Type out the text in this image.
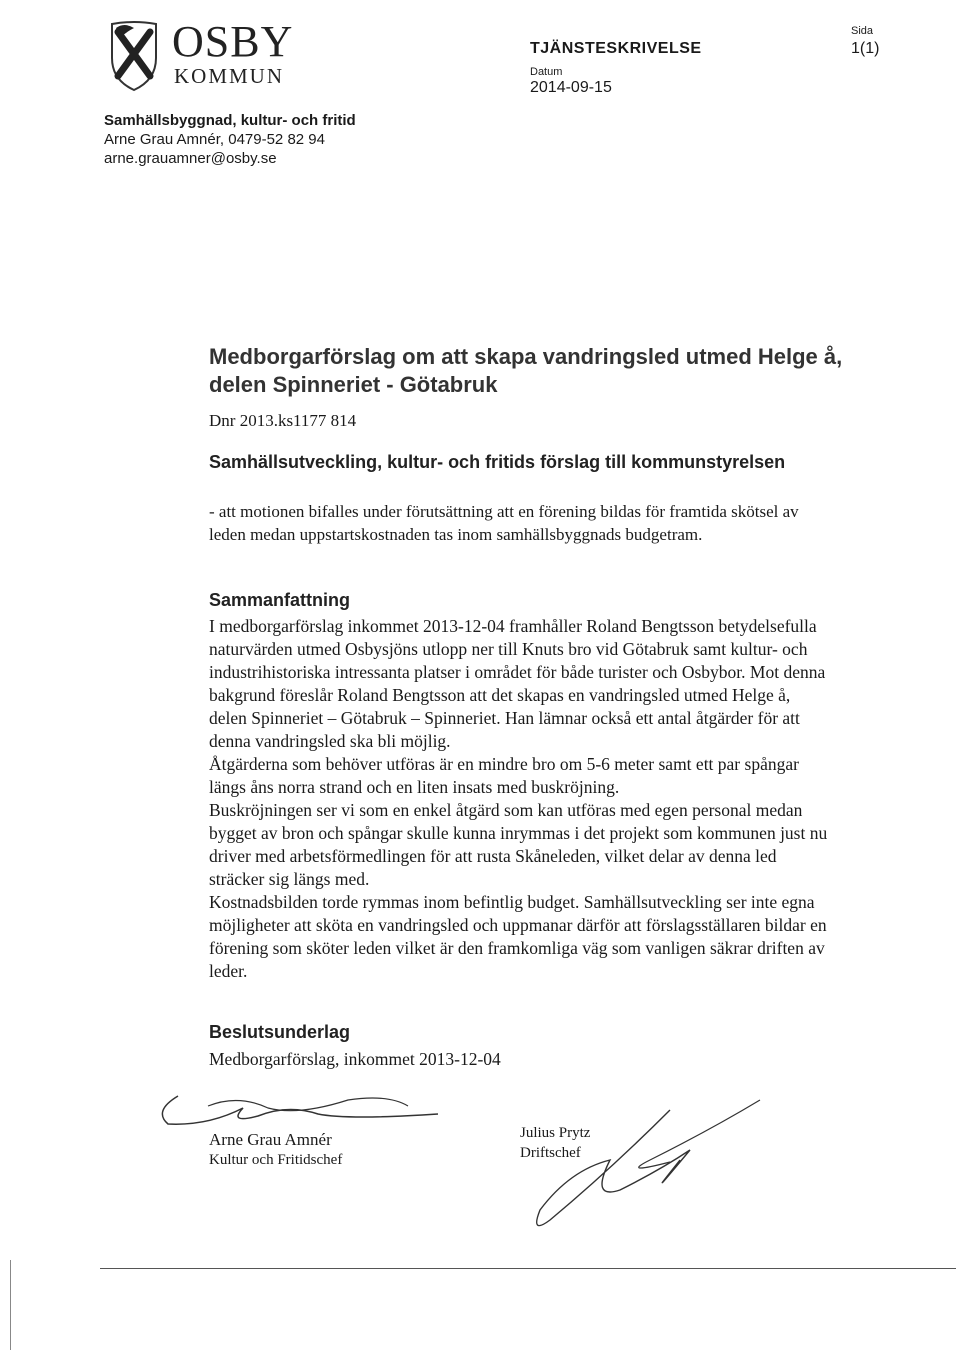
OSBY
KOMMUN
TJÄNSTESKRIVELSE
Datum
2014-09-15
Sida
1(1)
Samhällsbyggnad, kultur- och fritid
Arne Grau Amnér, 0479-52 82 94
arne.grauamner@osby.se
Medborgarförslag om att skapa vandringsled utmed Helge å, delen Spinneriet - Götabruk
Dnr 2013.ks1177 814
Samhällsutveckling, kultur- och fritids förslag till kommunstyrelsen
- att motionen bifalles under förutsättning att en förening bildas för framtida skötsel av leden medan uppstartskostnaden tas inom samhällsbyggnads budgetram.
Sammanfattning

I medborgarförslag inkommet 2013-12-04 framhåller Roland Bengtsson betydelsefulla naturvärden utmed Osbysjöns utlopp ner till Knuts bro vid Götabruk samt kultur- och industrihistoriska intressanta platser i området för både turister och Osbybor. Mot denna bakgrund föreslår Roland Bengtsson att det skapas en vandringsled utmed Helge å, delen Spinneriet – Götabruk – Spinneriet. Han lämnar också ett antal åtgärder för att denna vandringsled ska bli möjlig.

Åtgärderna som behöver utföras är en mindre bro om 5-6 meter samt ett par spångar längs åns norra strand och en liten insats med buskröjning.

Buskröjningen ser vi som en enkel åtgärd som kan utföras med egen personal medan bygget av bron och spångar skulle kunna inrymmas i det projekt som kommunen just nu driver med arbetsförmedlingen för att rusta Skåneleden, vilket delar av denna led sträcker sig längs med.

Kostnadsbilden torde rymmas inom befintlig budget. Samhällsutveckling ser inte egna möjligheter att sköta en vandringsled och uppmanar därför att förslagsställaren bildar en förening som sköter leden vilket är den framkomliga väg som vanligen säkrar driften av leder.

Beslutsunderlag
Medborgarförslag, inkommet 2013-12-04
Arne Grau Amnér
Kultur och Fritidschef
Julius Prytz
Driftschef
